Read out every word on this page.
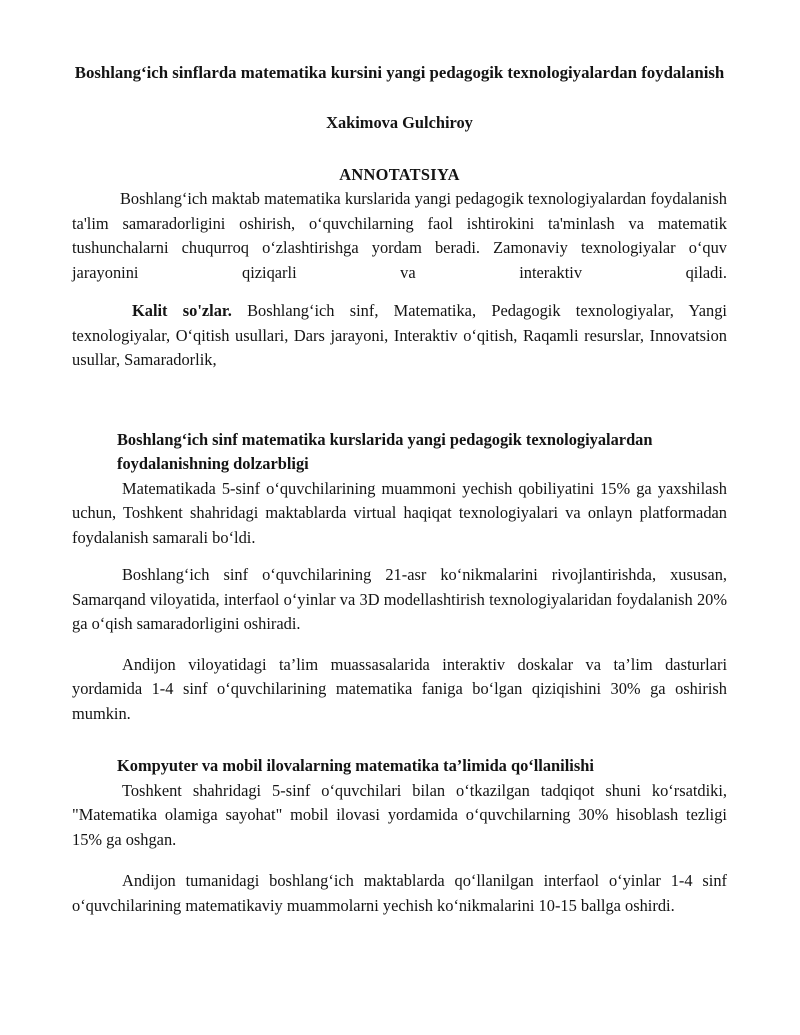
Boshlang‘ich sinflarda matematika kursini yangi pedagogik texnologiyalardan foydalanish
Xakimova Gulchiroy
ANNOTATSIYA

Boshlang‘ich maktab matematika kurslarida yangi pedagogik texnologiyalardan foydalanish ta'lim samaradorligini oshirish, o‘quvchilarning faol ishtirokini ta'minlash va matematik tushunchalarni chuqurroq o‘zlashtirishga yordam beradi. Zamonaviy texnologiyalar o‘quv jarayonini qiziqarli va interaktiv qiladi.

Kalit so'zlar. Boshlang‘ich sinf, Matematika, Pedagogik texnologiyalar, Yangi texnologiyalar, O‘qitish usullari, Dars jarayoni, Interaktiv o‘qitish, Raqamli resurslar, Innovatsion usullar, Samaradorlik,

Boshlang‘ich sinf matematika kurslarida yangi pedagogik texnologiyalardan foydalanishning dolzarbligi

Matematikada 5-sinf o‘quvchilarining muammoni yechish qobiliyatini 15% ga yaxshilash uchun, Toshkent shahridagi maktablarda virtual haqiqat texnologiyalari va onlayn platformadan foydalanish samarali bo‘ldi.

Boshlang‘ich sinf o‘quvchilarining 21-asr ko‘nikmalarini rivojlantirishda, xususan, Samarqand viloyatida, interfaol o‘yinlar va 3D modellashtirish texnologiyalaridan foydalanish 20% ga o‘qish samaradorligini oshiradi.

Andijon viloyatidagi ta’lim muassasalarida interaktiv doskalar va ta’lim dasturlari yordamida 1-4 sinf o‘quvchilarining matematika faniga bo‘lgan qiziqishini 30% ga oshirish mumkin.

Kompyuter va mobil ilovalarning matematika ta’limida qo‘llanilishi

Toshkent shahridagi 5-sinf o‘quvchilari bilan o‘tkazilgan tadqiqot shuni ko‘rsatdiki, "Matematika olamiga sayohat" mobil ilovasi yordamida o‘quvchilarning 30% hisoblash tezligi 15% ga oshgan.

Andijon tumanidagi boshlang‘ich maktablarda qo‘llanilgan interfaol o‘yinlar 1-4 sinf o‘quvchilarining matematikaviy muammolarni yechish ko‘nikmalarini 10-15 ballga oshirdi.
